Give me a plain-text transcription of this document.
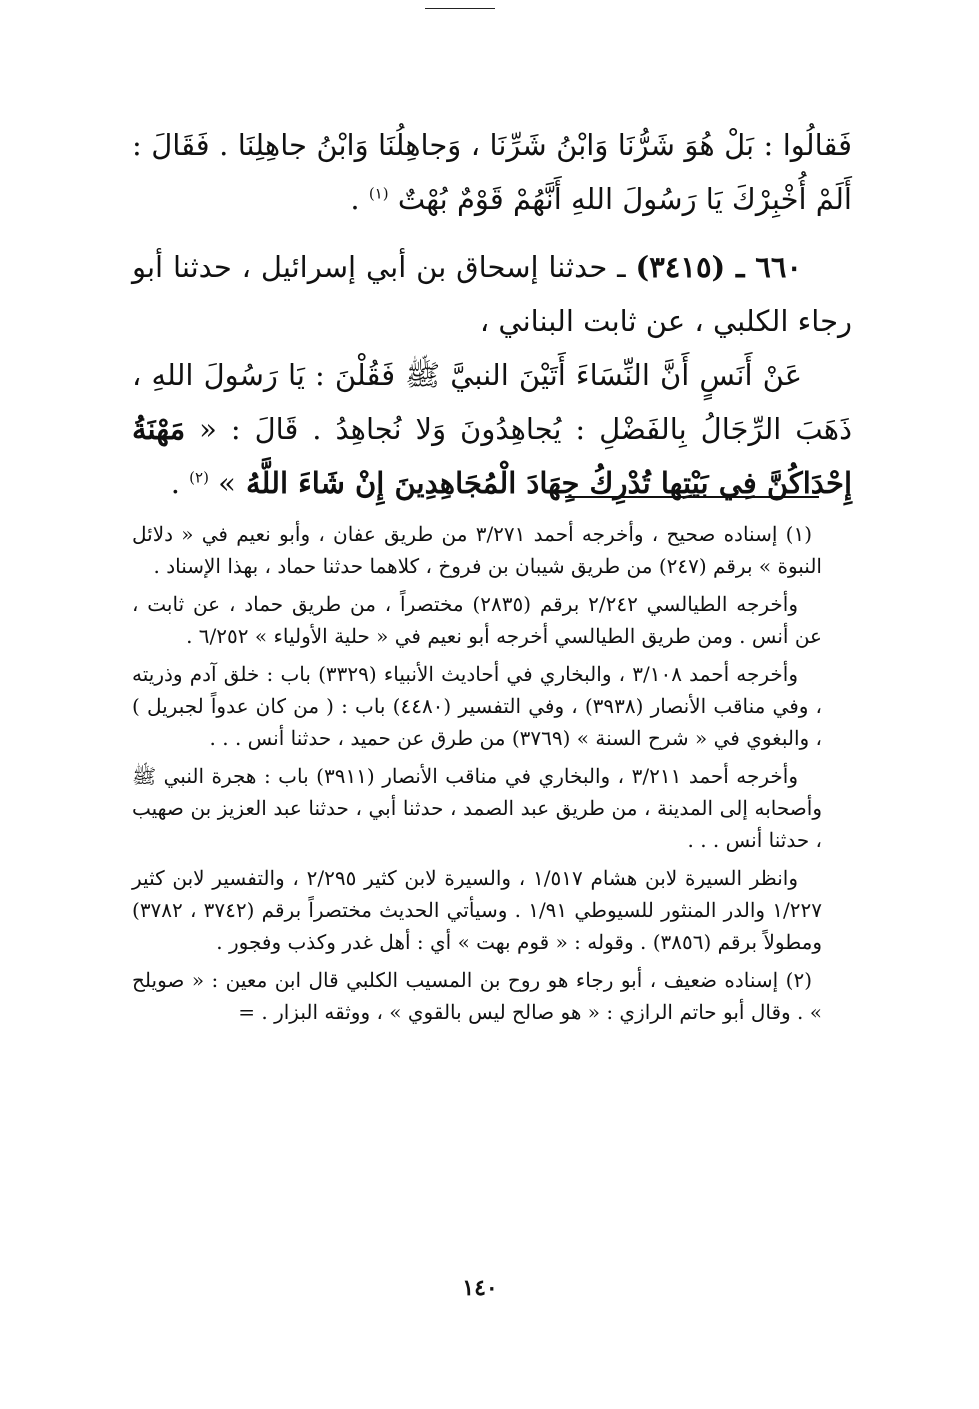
فَقالُوا : بَلْ هُوَ شَرُّنَا وَابْنُ شَرِّنَا ، وَجاهِلُنَا وَابْنُ جاهِلِنَا . فَقَالَ : أَلَمْ أُخْبِرْكَ يَا رَسُولَ اللهِ أَنَّهُمْ قَوْمٌ بُهْتٌ $^{(١)}$ .

٦٦٠ ـ (٣٤١٥) ـ حدثنا إسحاق بن أبي إسرائيل ، حدثنا أبو رجاء الكلبي ، عن ثابت البناني ،

عَنْ أَنَسٍ أَنَّ النِّسَاءَ أَتَيْنَ النبيَّ ﷺ فَقُلْنَ : يَا رَسُولَ اللهِ ، ذَهَبَ الرِّجَالُ بِالفَضْلِ : يُجاهِدُونَ وَلا نُجاهِدُ . قَالَ : « مَهْنَةُ إِحْدَاكُنَّ فِي بَيْتِها تُدْرِكُ جِهَادَ الْمُجَاهِدِينَ إِنْ شَاءَ اللَّهُ » $^{(٢)}$ .

(١) إسناده صحيح ، وأخرجه أحمد ٣/٢٧١ من طريق عفان ، وأبو نعيم في « دلائل النبوة » برقم (٢٤٧) من طريق شيبان بن فروخ ، كلاهما حدثنا حماد ، بهذا الإسناد .

وأخرجه الطيالسي ٢/٢٤٢ برقم (٢٨٣٥) مختصراً ، من طريق حماد ، عن ثابت ، عن أنس . ومن طريق الطيالسي أخرجه أبو نعيم في « حلية الأولياء » ٦/٢٥٢ .

وأخرجه أحمد ٣/١٠٨ ، والبخاري في أحاديث الأنبياء (٣٣٢٩) باب : خلق آدم وذريته ، وفي مناقب الأنصار (٣٩٣٨) ، وفي التفسير (٤٤٨٠) باب : ( من كان عدواً لجبريل ) ، والبغوي في « شرح السنة » (٣٧٦٩) من طرق عن حميد ، حدثنا أنس . . .

وأخرجه أحمد ٣/٢١١ ، والبخاري في مناقب الأنصار (٣٩١١) باب : هجرة النبي ﷺ وأصحابه إلى المدينة ، من طريق عبد الصمد ، حدثنا أبي ، حدثنا عبد العزيز بن صهيب ، حدثنا أنس . . .

وانظر السيرة لابن هشام ١/٥١٧ ، والسيرة لابن كثير ٢/٢٩٥ ، والتفسير لابن كثير ١/٢٢٧ والدر المنثور للسيوطي ١/٩١ . وسيأتي الحديث مختصراً برقم (٣٧٤٢ ، ٣٧٨٢) ومطولاً برقم (٣٨٥٦) . وقوله : « قوم بهت » أي : أهل غدر وكذب وفجور .

(٢) إسناده ضعيف ، أبو رجاء هو روح بن المسيب الكلبي قال ابن معين : « صويلح » . وقال أبو حاتم الرازي : « هو صالح ليس بالقوي » ، ووثقه البزار . =

١٤٠
